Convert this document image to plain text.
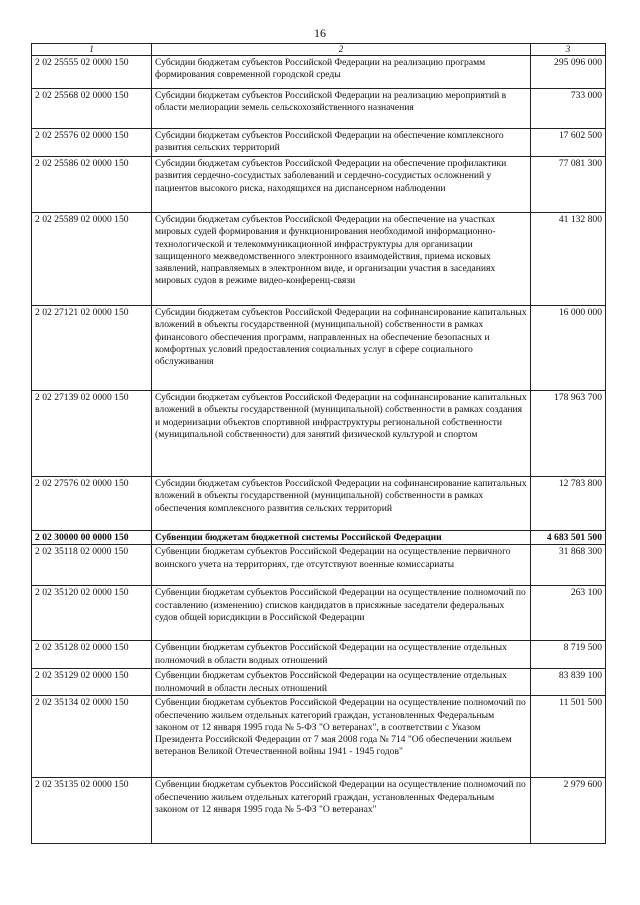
16
1	2	3
2 02 25555 02 0000 150	Субсидии бюджетам субъектов Российской Федерации на реализацию программ формирования современной городской среды	295 096 000
2 02 25568 02 0000 150	Субсидии бюджетам субъектов Российской Федерации на реализацию мероприятий в области мелиорации земель сельскохозяйственного назначения	733 000
2 02 25576 02 0000 150	Субсидии бюджетам субъектов Российской Федерации на обеспечение комплексного развития сельских территорий	17 602 500
2 02 25586 02 0000 150	Субсидии бюджетам субъектов Российской Федерации на обеспечение профилактики развития сердечно-сосудистых заболеваний и сердечно-сосудистых осложнений у пациентов высокого риска, находящихся на диспансерном наблюдении	77 081 300
2 02 25589 02 0000 150	Субсидии бюджетам субъектов Российской Федерации на обеспечение на участках мировых судей формирования и функционирования необходимой информационно-технологической и телекоммуникационной инфраструктуры для организации защищенного межведомственного электронного взаимодействия, приема исковых заявлений, направляемых в электронном виде, и организации участия в заседаниях мировых судов в режиме видео-конференц-связи	41 132 800
2 02 27121 02 0000 150	Субсидии бюджетам субъектов Российской Федерации на софинансирование капитальных вложений в объекты государственной (муниципальной) собственности в рамках финансового обеспечения программ, направленных на обеспечение безопасных и комфортных условий предоставления социальных услуг в сфере социального обслуживания	16 000 000
2 02 27139 02 0000 150	Субсидии бюджетам субъектов Российской Федерации на софинансирование капитальных вложений в объекты государственной (муниципальной) собственности в рамках создания и модернизации объектов спортивной инфраструктуры региональной собственности (муниципальной собственности) для занятий физической культурой и спортом	178 963 700
2 02 27576 02 0000 150	Субсидии бюджетам субъектов Российской Федерации на софинансирование капитальных вложений в объекты государственной (муниципальной) собственности в рамках обеспечения комплексного развития сельских территорий	12 783 800
2 02 30000 00 0000 150	Субвенции бюджетам бюджетной системы Российской Федерации	4 683 501 500
2 02 35118 02 0000 150	Субвенции бюджетам субъектов Российской Федерации на осуществление первичного воинского учета на территориях, где отсутствуют военные комиссариаты	31 868 300
2 02 35120 02 0000 150	Субвенции бюджетам субъектов Российской Федерации на осуществление полномочий по составлению (изменению) списков кандидатов в присяжные заседатели федеральных судов общей юрисдикции в Российской Федерации	263 100
2 02 35128 02 0000 150	Субвенции бюджетам субъектов Российской Федерации на осуществление отдельных полномочий в области водных отношений	8 719 500
2 02 35129 02 0000 150	Субвенции бюджетам субъектов Российской Федерации на осуществление отдельных полномочий в области лесных отношений	83 839 100
2 02 35134 02 0000 150	Субвенции бюджетам субъектов Российской Федерации на осуществление полномочий по обеспечению жильем отдельных категорий граждан, установленных Федеральным законом от 12 января 1995 года № 5-ФЗ "О ветеранах", в соответствии с Указом Президента Российской Федерации от 7 мая 2008 года № 714 "Об обеспечении жильем ветеранов Великой Отечественной войны 1941 - 1945 годов"	11 501 500
2 02 35135 02 0000 150	Субвенции бюджетам субъектов Российской Федерации на осуществление полномочий по обеспечению жильем отдельных категорий граждан, установленных Федеральным законом от 12 января 1995 года № 5-ФЗ "О ветеранах"	2 979 600
